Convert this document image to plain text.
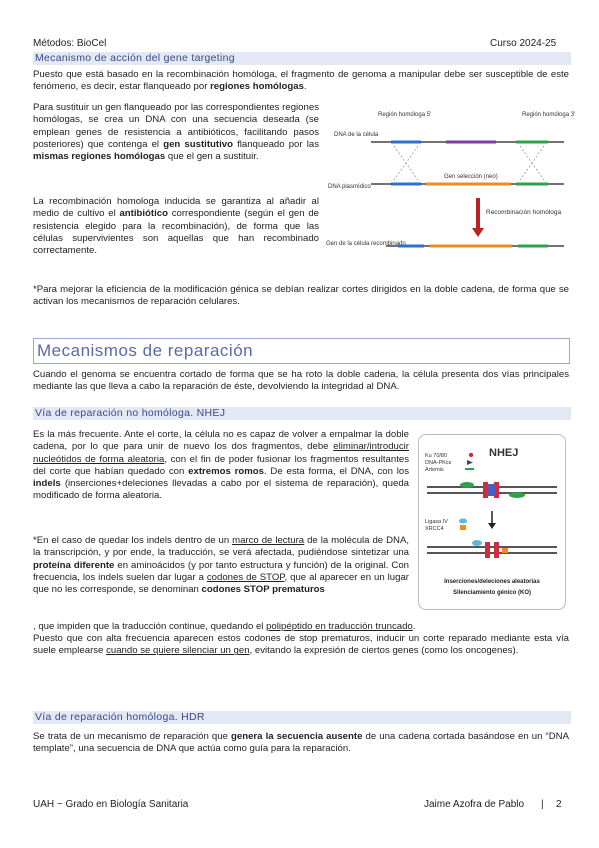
Métodos: BioCel	Curso 2024-25
Mecanismo de acción del gene targeting
Puesto que está basado en la recombinación homóloga, el fragmento de genoma a manipular debe ser susceptible de este fenómeno, es decir, estar flanqueado por regiones homólogas.
Para sustituir un gen flanqueado por las correspondientes regiones homólogas, se crea un DNA con una secuencia deseada (se emplean genes de resistencia a antibióticos, facilitando pasos posteriores) que contenga el gen sustitutivo flanqueado por las mismas regiones homólogas que el gen a sustituir.
La recombinación homologa inducida se garantiza al añadir al medio de cultivo el antibiótico correspondiente (según el gen de resistencia elegido para la recombinación), de forma que las células supervivientes son aquellas que han recombinado correctamente.
Región homóloga 5'	Región homóloga 3'
DNA de la célula
Gen selección (neo)
DNA plasmídico
Recombinación homóloga
Gen de la célula recombinado
*Para mejorar la eficiencia de la modificación génica se debían realizar cortes dirigidos en la doble cadena, de forma que se activan los mecanismos de reparación celulares.
Mecanismos de reparación
Cuando el genoma se encuentra cortado de forma que se ha roto la doble cadena, la célula presenta dos vías principales mediante las que lleva a cabo la reparación de éste, devolviendo la integridad al DNA.
Vía de reparación no homóloga. NHEJ
Es la más frecuente. Ante el corte, la célula no es capaz de volver a empalmar la doble cadena, por lo que para unir de nuevo los dos fragmentos, debe eliminar/introducir nucleótidos de forma aleatoria, con el fin de poder fusionar los fragmentos resultantes del corte que habían quedado con extremos romos. De esta forma, el DNA, con los indels (inserciones+deleciones llevadas a cabo por el sistema de reparación), queda modificado de forma aleatoria.
*En el caso de quedar los indels dentro de un marco de lectura de la molécula de DNA, la transcripción, y por ende, la traducción, se verá afectada, pudiéndose sintetizar una proteína diferente en aminoácidos (y por tanto estructura y función) de la original. Con frecuencia, los indels suelen dar lugar a codones de STOP, que al aparecer en un lugar que no les corresponde, se denominan codones STOP prematuros
, que impiden que la traducción continue, quedando el polipéptido en traducción truncado.
Puesto que con alta frecuencia aparecen estos codones de stop prematuros, inducir un corte reparado mediante esta vía suele emplearse cuando se quiere silenciar un gen, evitando la expresión de ciertos genes (como los oncogenes).
NHEJ
Ku 70/80
DNA-PKcs
Artemis
Ligasa IV
XRCC4
Inserciones/deleciones aleatorias
Silenciamiento génico (KO)
Vía de reparación homóloga. HDR
Se trata de un mecanismo de reparación que genera la secuencia ausente de una cadena cortada basándose en un “DNA template”, una secuencia de DNA que actúa como guía para la reparación.
UAH ~ Grado en Biología Sanitaria	Jaime Azofra de Pablo | 2
